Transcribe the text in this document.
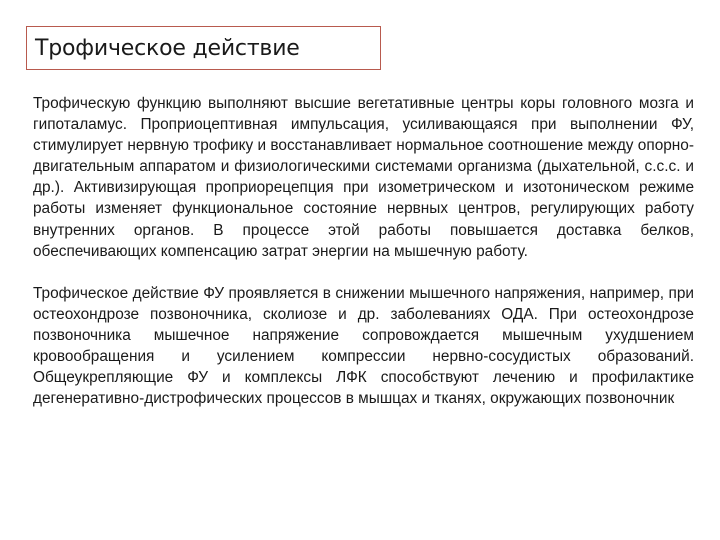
Трофическое действие

Трофическую функцию выполняют высшие вегетативные центры коры головного мозга и гипоталамус. Проприоцептивная импульсация, усиливающаяся при выполнении ФУ, стимулирует нервную трофику и восстанавливает нормальное соотношение между опорно-двигательным аппаратом и физиологическими системами организма (дыхательной, с.с.с. и др.). Активизирующая проприорецепция при изометрическом и изотоническом режиме работы изменяет функциональное состояние нервных центров, регулирующих работу внутренних органов. В процессе этой работы повышается доставка белков, обеспечивающих компенсацию затрат энергии на мышечную работу.

Трофическое действие ФУ проявляется в снижении мышечного напряжения, например, при остеохондрозе позвоночника, сколиозе и др. заболеваниях ОДА. При остеохондрозе позвоночника мышечное напряжение сопровождается мышечным ухудшением кровообращения и усилением компрессии нервно-сосудистых образований. Общеукрепляющие ФУ и комплексы ЛФК способствуют лечению и профилактике дегенеративно-дистрофических процессов в мышцах и тканях, окружающих позвоночник
